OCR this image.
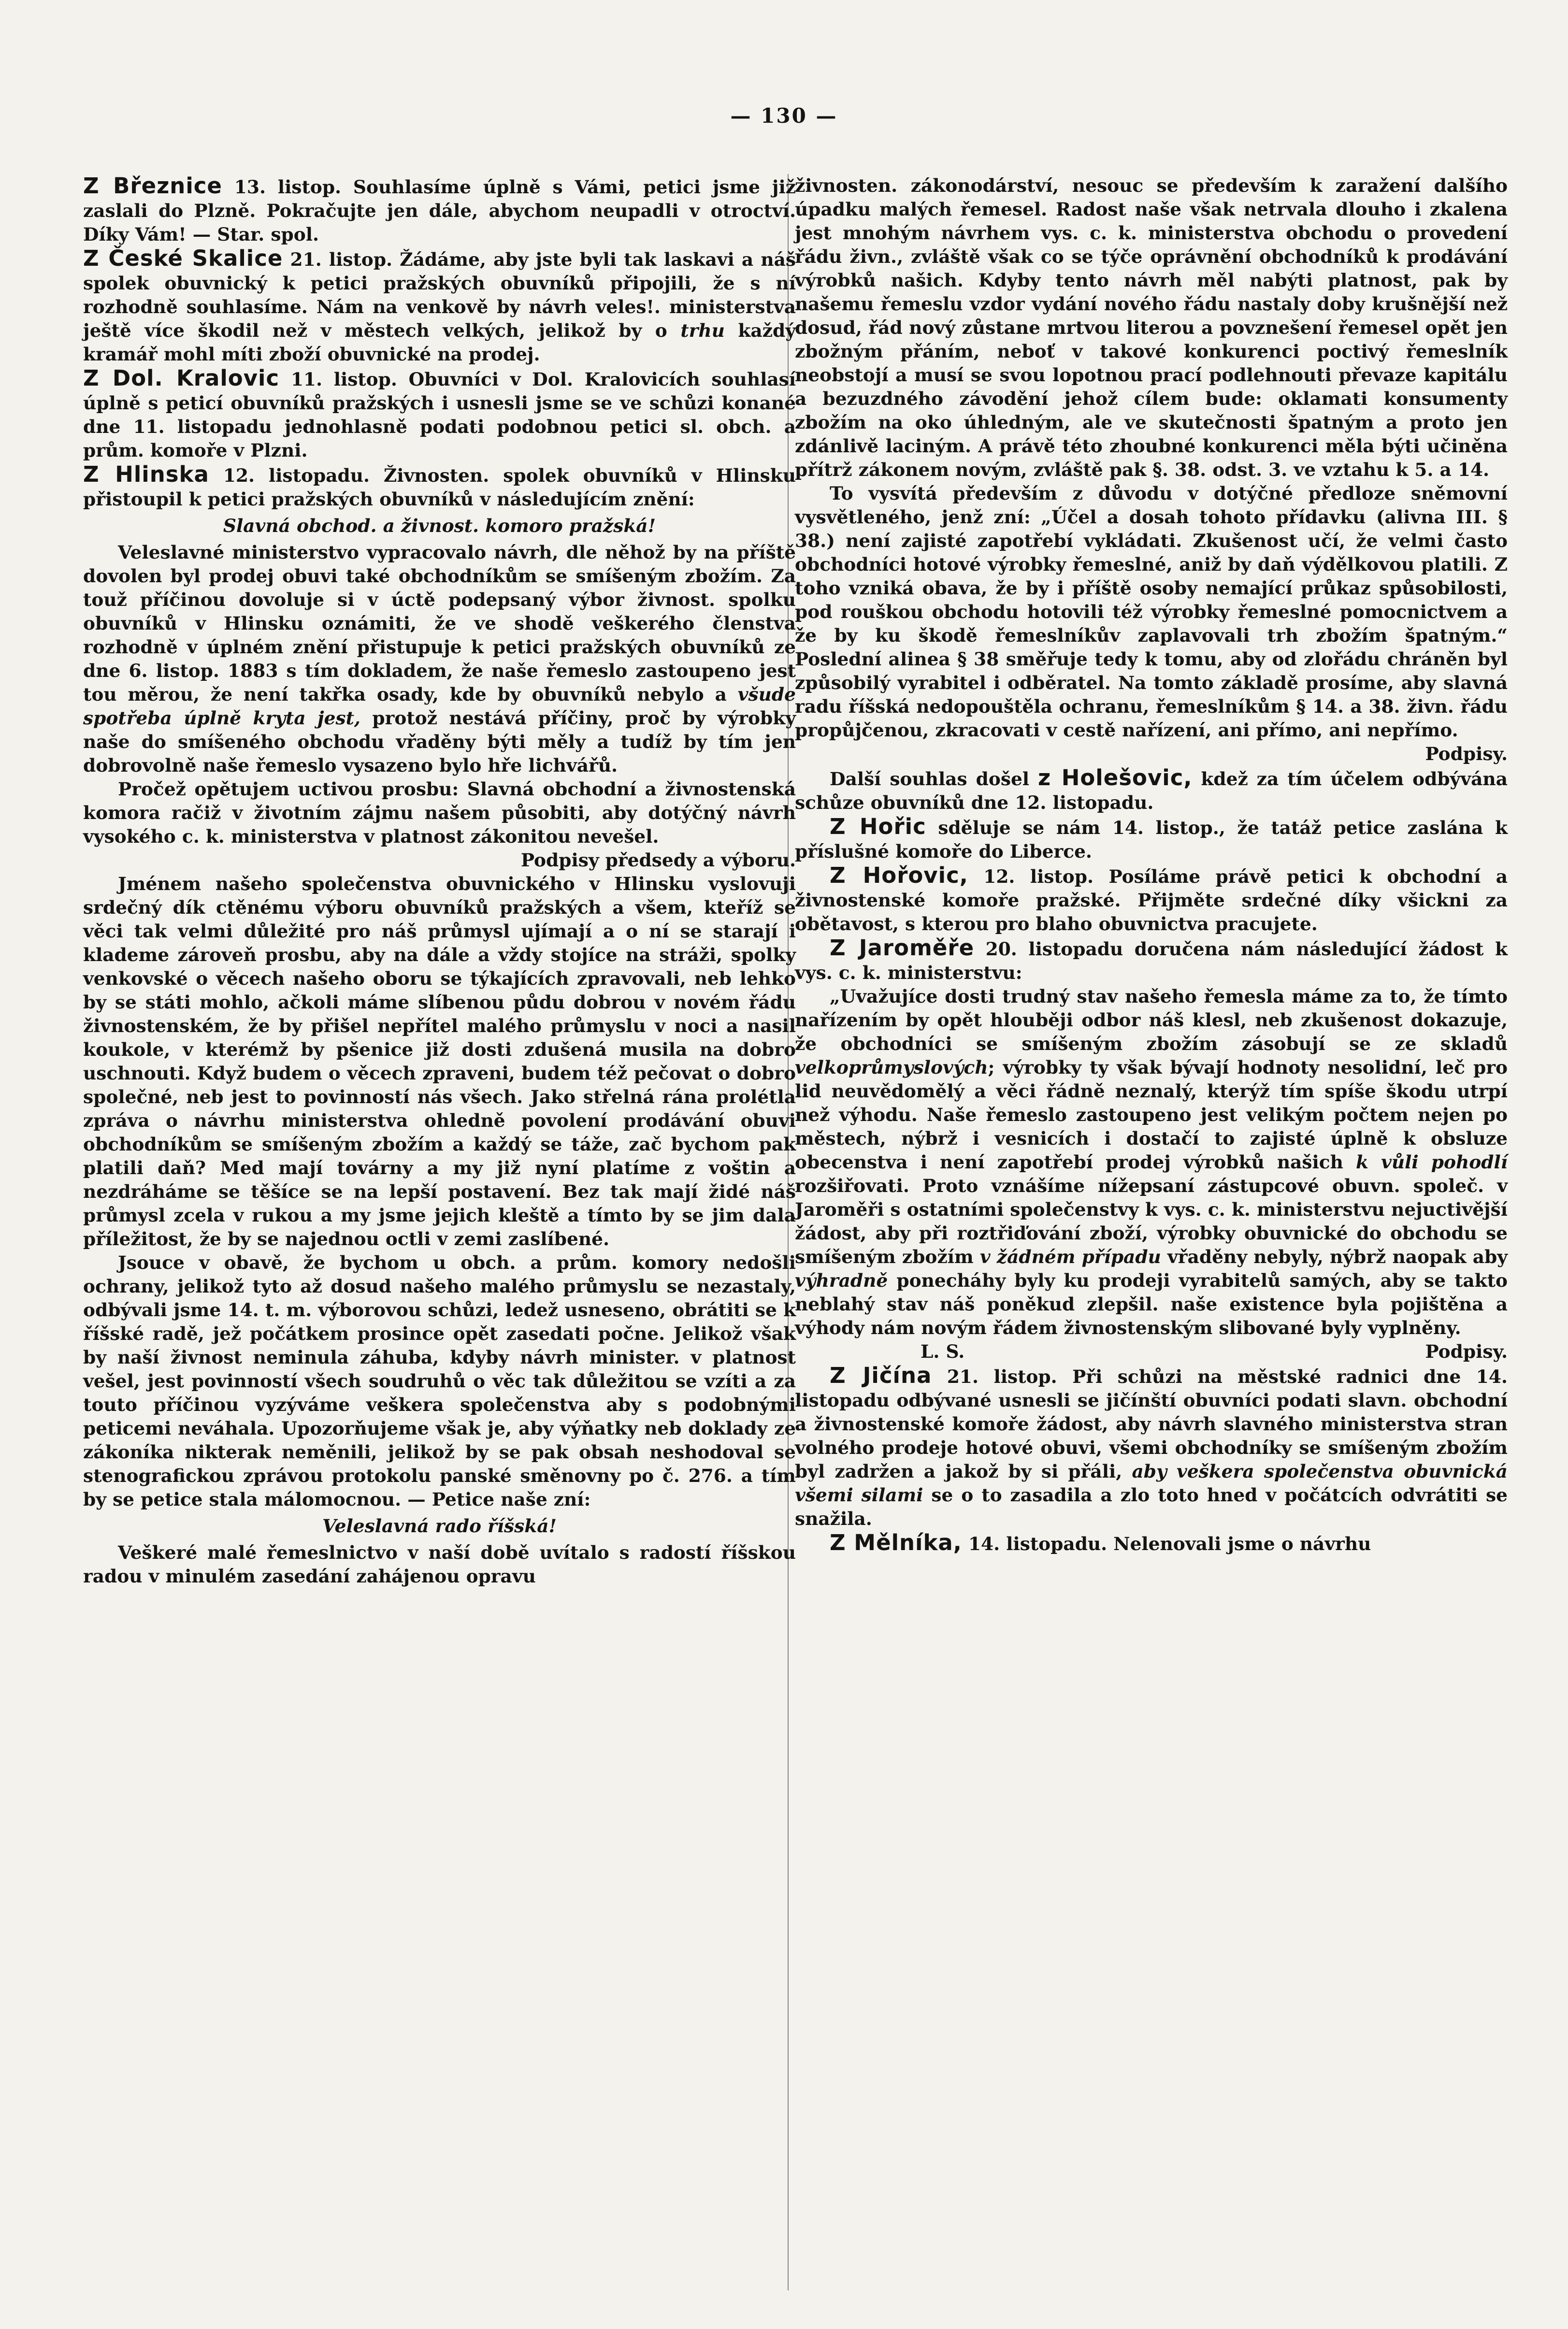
— 130 —

Z Březnice 13. listop. Souhlasíme úplně s Vámi, petici jsme již zaslali do Plzně. Pokračujte jen dále, abychom neupadli v otroctví. Díky Vám! — Star. spol.

Z České Skalice 21. listop. Žádáme, aby jste byli tak laskavi a náš spolek obuvnický k petici pražských obuvníků připojili, že s ní rozhodně souhlasíme. Nám na venkově by návrh veles!. ministerstva ještě více škodil než v městech velkých, jelikož by o trhu každý kramář mohl míti zboží obuvnické na prodej.

Z Dol. Kralovic 11. listop. Obuvníci v Dol. Kralovicích souhlasí úplně s peticí obuvníků pražských i usnesli jsme se ve schůzi konané dne 11. listopadu jednohlasně podati podobnou petici sl. obch. a prům. komoře v Plzni.

Z Hlinska 12. listopadu. Živnosten. spolek obuvníků v Hlinsku přistoupil k petici pražských obuvníků v následujícím znění:

Slavná obchod. a živnost. komoro pražská!

Veleslavné ministerstvo vypracovalo návrh, dle něhož by na příště dovolen byl prodej obuvi také obchodníkům se smíšeným zbožím. Za touž příčinou dovoluje si v úctě podepsaný výbor živnost. spolku obuvníků v Hlinsku oznámiti, že ve shodě veškerého členstva rozhodně v úplném znění přistupuje k petici pražských obuvníků ze dne 6. listop. 1883 s tím dokladem, že naše řemeslo zastoupeno jest tou měrou, že není takřka osady, kde by obuvníků nebylo a všude spotřeba úplně kryta jest, protož nestává příčiny, proč by výrobky naše do smíšeného obchodu vřaděny býti měly a tudíž by tím jen dobrovolně naše řemeslo vysazeno bylo hře lichvářů.

Pročež opětujem uctivou prosbu: Slavná obchodní a živnostenská komora račiž v životním zájmu našem působiti, aby dotýčný návrh vysokého c. k. ministerstva v platnost zákonitou nevešel.

Podpisy předsedy a výboru.

Jménem našeho společenstva obuvnického v Hlinsku vyslovuji srdečný dík ctěnému výboru obuvníků pražských a všem, kteříž se věci tak velmi důležité pro náš průmysl ujímají a o ní se starají i klademe zároveň prosbu, aby na dále a vždy stojíce na stráži, spolky venkovské o věcech našeho oboru se týkajících zpravovali, neb lehko by se státi mohlo, ačkoli máme slíbenou půdu dobrou v novém řádu živnostenském, že by přišel nepřítel malého průmyslu v noci a nasil koukole, v kterémž by pšenice již dosti zdušená musila na dobro uschnouti. Když budem o věcech zpraveni, budem též pečovat o dobro společné, neb jest to povinností nás všech. Jako střelná rána prolétla zpráva o návrhu ministerstva ohledně povolení prodávání obuvi obchodníkům se smíšeným zbožím a každý se táže, zač bychom pak platili daň? Med mají továrny a my již nyní platíme z voštin a nezdráháme se těšíce se na lepší postavení. Bez tak mají židé náš průmysl zcela v rukou a my jsme jejich kleště a tímto by se jim dala příležitost, že by se najednou octli v zemi zaslíbené.

Jsouce v obavě, že bychom u obch. a prům. komory nedošli ochrany, jelikož tyto až dosud našeho malého průmyslu se nezastaly, odbývali jsme 14. t. m. výborovou schůzi, ledež usneseno, obrátiti se k říšské radě, jež počátkem prosince opět zasedati počne. Jelikož však by naší živnost neminula záhuba, kdyby návrh minister. v platnost vešel, jest povinností všech soudruhů o věc tak důležitou se vzíti a za touto příčinou vyzýváme veškera společenstva aby s podobnými peticemi neváhala. Upozorňujeme však je, aby výňatky neb doklady ze zákoníka nikterak neměnili, jelikož by se pak obsah neshodoval se stenografickou zprávou protokolu panské směnovny po č. 276. a tím by se petice stala málomocnou. — Petice naše zní:

Veleslavná rado říšská!

Veškeré malé řemeslnictvo v naší době uvítalo s radostí říšskou radou v minulém zasedání zahájenou opravu

živnosten. zákonodárství, nesouc se především k zaražení dalšího úpadku malých řemesel. Radost naše však netrvala dlouho i zkalena jest mnohým návrhem vys. c. k. ministerstva obchodu o provedení řádu živn., zvláště však co se týče oprávnění obchodníků k prodávání výrobků našich. Kdyby tento návrh měl nabýti platnost, pak by našemu řemeslu vzdor vydání nového řádu nastaly doby krušnější než dosud, řád nový zůstane mrtvou literou a povznešení řemesel opět jen zbožným přáním, neboť v takové konkurenci poctivý řemeslník neobstojí a musí se svou lopotnou prací podlehnouti převaze kapitálu a bezuzdného závodění jehož cílem bude: oklamati konsumenty zbožím na oko úhledným, ale ve skutečnosti špatným a proto jen zdánlivě laciným. A právě této zhoubné konkurenci měla býti učiněna přítrž zákonem novým, zvláště pak §. 38. odst. 3. ve vztahu k 5. a 14.

To vysvítá především z důvodu v dotýčné předloze sněmovní vysvětleného, jenž zní: „Účel a dosah tohoto přídavku (alivna III. § 38.) není zajisté zapotřebí vykládati. Zkušenost učí, že velmi často obchodníci hotové výrobky řemeslné, aniž by daň výdělkovou platili. Z toho vzniká obava, že by i příště osoby nemající průkaz spůsobilosti, pod rouškou obchodu hotovili též výrobky řemeslné pomocnictvem a že by ku škodě řemeslníkův zaplavovali trh zbožím špatným.“ Poslední alinea § 38 směřuje tedy k tomu, aby od zlořádu chráněn byl způsobilý vyrabitel i odběratel. Na tomto základě prosíme, aby slavná radu říšská nedopouštěla ochranu, řemeslníkům § 14. a 38. živn. řádu propůjčenou, zkracovati v cestě nařízení, ani přímo, ani nepřímo.

Podpisy.

Další souhlas došel z Holešovic, kdež za tím účelem odbývána schůze obuvníků dne 12. listopadu.

Z Hořic sděluje se nám 14. listop., že tatáž petice zaslána k příslušné komoře do Liberce.

Z Hořovic, 12. listop. Posíláme právě petici k obchodní a živnostenské komoře pražské. Přijměte srdečné díky všickni za obětavost, s kterou pro blaho obuvnictva pracujete.

Z Jaroměře 20. listopadu doručena nám následující žádost k vys. c. k. ministerstvu:

„Uvažujíce dosti trudný stav našeho řemesla máme za to, že tímto nařízením by opět hlouběji odbor náš klesl, neb zkušenost dokazuje, že obchodníci se smíšeným zbožím zásobují se ze skladů velkoprůmyslových; výrobky ty však bývají hodnoty nesolidní, leč pro lid neuvědomělý a věci řádně neznalý, kterýž tím spíše škodu utrpí než výhodu. Naše řemeslo zastoupeno jest velikým počtem nejen po městech, nýbrž i vesnicích i dostačí to zajisté úplně k obsluze obecenstva i není zapotřebí prodej výrobků našich k vůli pohodlí rozšiřovati. Proto vznášíme nížepsaní zástupcové obuvn. společ. v Jaroměři s ostatními společenstvy k vys. c. k. ministerstvu nejuctivější žádost, aby při roztřiďování zboží, výrobky obuvnické do obchodu se smíšeným zbožím v žádném případu vřaděny nebyly, nýbrž naopak aby výhradně ponecháhy byly ku prodeji vyrabitelů samých, aby se takto neblahý stav náš poněkud zlepšil. naše existence byla pojištěna a výhody nám novým řádem živnostenským slibované byly vyplněny.

L. S.	Podpisy.

Z Jičína 21. listop. Při schůzi na městské radnici dne 14. listopadu odbývané usnesli se jičínští obuvníci podati slavn. obchodní a živnostenské komoře žádost, aby návrh slavného ministerstva stran volného prodeje hotové obuvi, všemi obchodníky se smíšeným zbožím byl zadržen a jakož by si přáli, aby veškera společenstva obuvnická všemi silami se o to zasadila a zlo toto hned v počátcích odvrátiti se snažila.

Z Mělníka, 14. listopadu. Nelenovali jsme o návrhu
